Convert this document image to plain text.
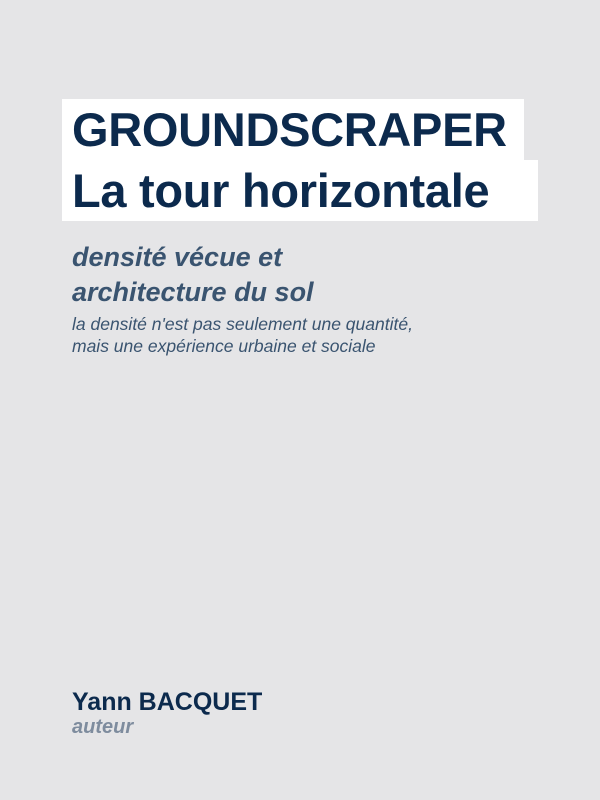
GROUNDSCRAPER
La tour horizontale

densité vécue et
architecture du sol

la densité n'est pas seulement une quantité,
mais une expérience urbaine et sociale

Yann BACQUET

auteur
